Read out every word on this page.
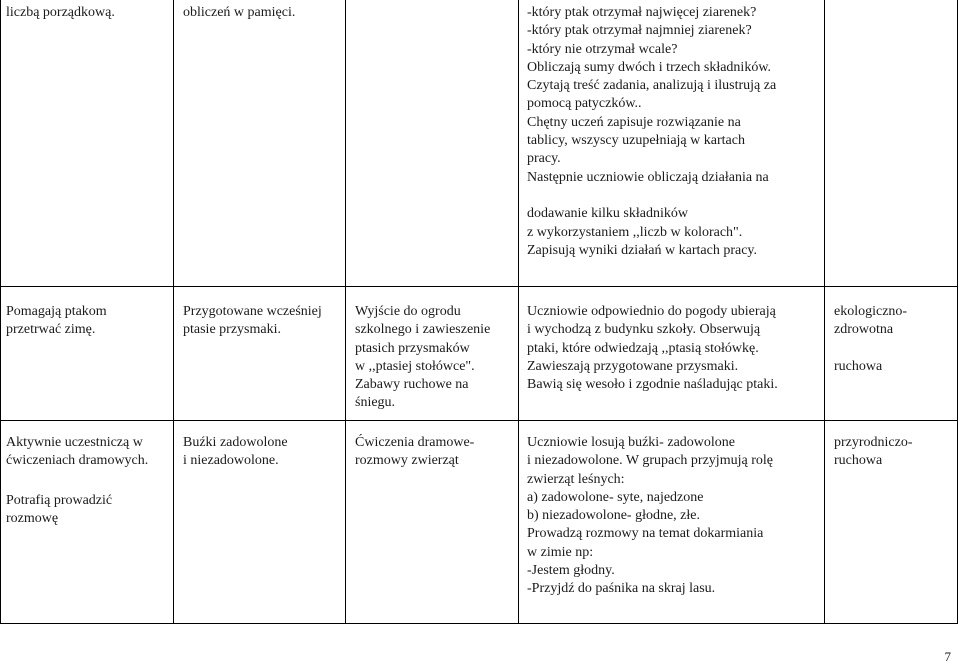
liczbą porządkową.	obliczeń w pamięci.	-który ptak otrzymał najwięcej ziarenek?
-który ptak otrzymał najmniej ziarenek?
-który nie otrzymał wcale?
Obliczają sumy dwóch i trzech składników.
Czytają treść zadania, analizują i ilustrują za
pomocą patyczków..
Chętny uczeń zapisuje rozwiązanie na
tablicy, wszyscy uzupełniają w kartach
pracy.
Następnie uczniowie obliczają działania na
dodawanie kilku składników
z wykorzystaniem ,,liczb w kolorach".
Zapisują wyniki działań w kartach pracy.
Pomagają ptakom
przetrwać zimę.
Przygotowane wcześniej
ptasie przysmaki.
Wyjście do ogrodu
szkolnego i zawieszenie
ptasich przysmaków
w ,,ptasiej stołówce".
Zabawy ruchowe na
śniegu.
Uczniowie odpowiednio do pogody ubierają
i wychodzą z budynku szkoły. Obserwują
ptaki, które odwiedzają ,,ptasią stołówkę.
Zawieszają przygotowane przysmaki.
Bawią się wesoło i zgodnie naśladując ptaki.
ekologiczno-
zdrowotna
ruchowa
Aktywnie uczestniczą w
ćwiczeniach dramowych.
Potrafią prowadzić
rozmowę
Buźki zadowolone
i niezadowolone.
Ćwiczenia dramowe-
rozmowy zwierząt
Uczniowie losują buźki- zadowolone
i niezadowolone. W grupach przyjmują rolę
zwierząt leśnych:
a) zadowolone- syte, najedzone
b) niezadowolone- głodne, złe.
Prowadzą rozmowy na temat dokarmiania
w zimie np:
-Jestem głodny.
-Przyjdź do paśnika na skraj lasu.
przyrodniczo-
ruchowa
7
